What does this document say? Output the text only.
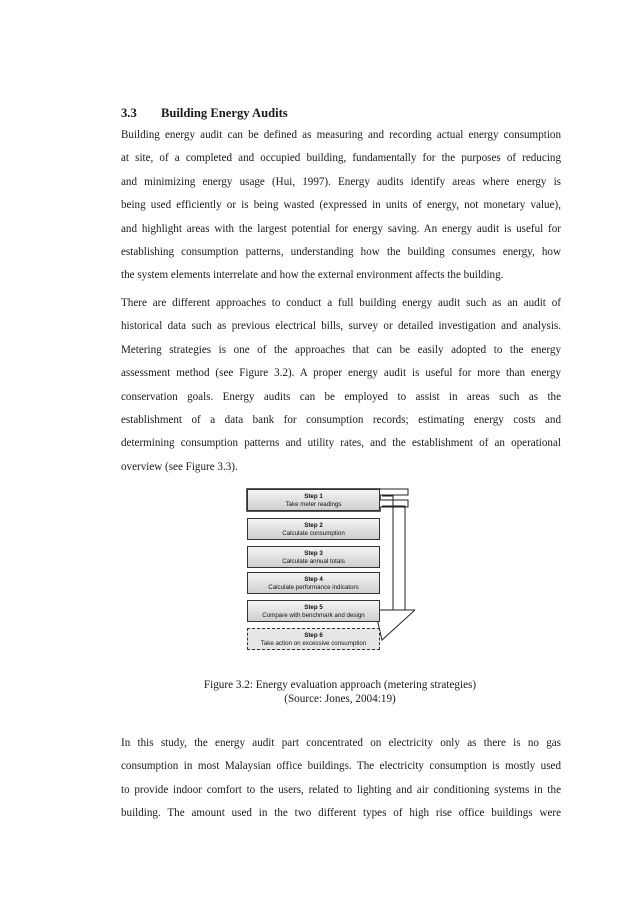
3.3 Building Energy Audits
Building energy audit can be defined as measuring and recording actual energy consumption
at site, of a completed and occupied building, fundamentally for the purposes of reducing
and minimizing energy usage (Hui, 1997). Energy audits identify areas where energy is
being used efficiently or is being wasted (expressed in units of energy, not monetary value),
and highlight areas with the largest potential for energy saving. An energy audit is useful for
establishing consumption patterns, understanding how the building consumes energy, how
the system elements interrelate and how the external environment affects the building.
There are different approaches to conduct a full building energy audit such as an audit of
historical data such as previous electrical bills, survey or detailed investigation and analysis.
Metering strategies is one of the approaches that can be easily adopted to the energy
assessment method (see Figure 3.2). A proper energy audit is useful for more than energy
conservation goals. Energy audits can be employed to assist in areas such as the
establishment of a data bank for consumption records; estimating energy costs and
determining consumption patterns and utility rates, and the establishment of an operational
overview (see Figure 3.3).
Step 1
Take meter readings
Step 2
Calculate consumption
Step 3
Calculate annual totals
Step 4
Calculate performance indicators
Step 5
Compare with benchmark and design
Step 6
Take action on excessive consumption
Figure 3.2: Energy evaluation approach (metering strategies)
(Source: Jones, 2004:19)
In this study, the energy audit part concentrated on electricity only as there is no gas
consumption in most Malaysian office buildings. The electricity consumption is mostly used
to provide indoor comfort to the users, related to lighting and air conditioning systems in the
building. The amount used in the two different types of high rise office buildings were
